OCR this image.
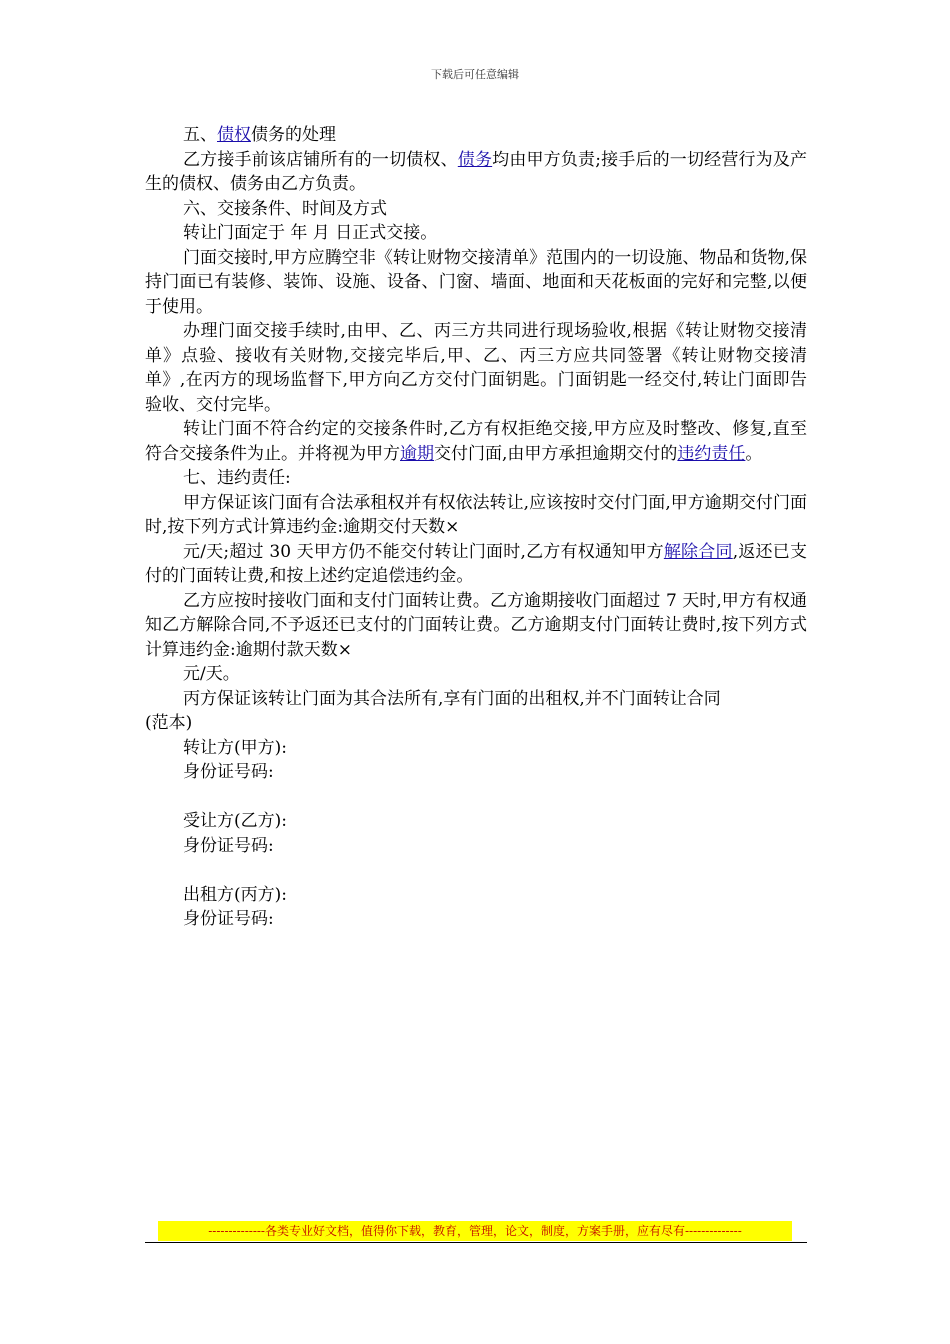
下载后可任意编辑

五、债权债务的处理

乙方接手前该店铺所有的一切债权、债务均由甲方负责;接手后的一切经营行为及产生的债权、债务由乙方负责。

六、交接条件、时间及方式

转让门面定于 年 月 日正式交接。

门面交接时,甲方应腾空非《转让财物交接清单》范围内的一切设施、物品和货物,保持门面已有装修、装饰、设施、设备、门窗、墙面、地面和天花板面的完好和完整,以便于使用。

办理门面交接手续时,由甲、乙、丙三方共同进行现场验收,根据《转让财物交接清单》点验、接收有关财物,交接完毕后,甲、乙、丙三方应共同签署《转让财物交接清单》,在丙方的现场监督下,甲方向乙方交付门面钥匙。门面钥匙一经交付,转让门面即告验收、交付完毕。

转让门面不符合约定的交接条件时,乙方有权拒绝交接,甲方应及时整改、修复,直至符合交接条件为止。并将视为甲方逾期交付门面,由甲方承担逾期交付的违约责任。

七、违约责任:

甲方保证该门面有合法承租权并有权依法转让,应该按时交付门面,甲方逾期交付门面时,按下列方式计算违约金:逾期交付天数×

元/天;超过 30 天甲方仍不能交付转让门面时,乙方有权通知甲方解除合同,返还已支付的门面转让费,和按上述约定追偿违约金。

乙方应按时接收门面和支付门面转让费。乙方逾期接收门面超过 7 天时,甲方有权通知乙方解除合同,不予返还已支付的门面转让费。乙方逾期支付门面转让费时,按下列方式计算违约金:逾期付款天数×

元/天。

丙方保证该转让门面为其合法所有,享有门面的出租权,并不门面转让合同

(范本)

转让方(甲方):

身份证号码:

受让方(乙方):

身份证号码:

出租方(丙方):

身份证号码:

--------------各类专业好文档，值得你下载，教育，管理，论文，制度，方案手册，应有尽有--------------
